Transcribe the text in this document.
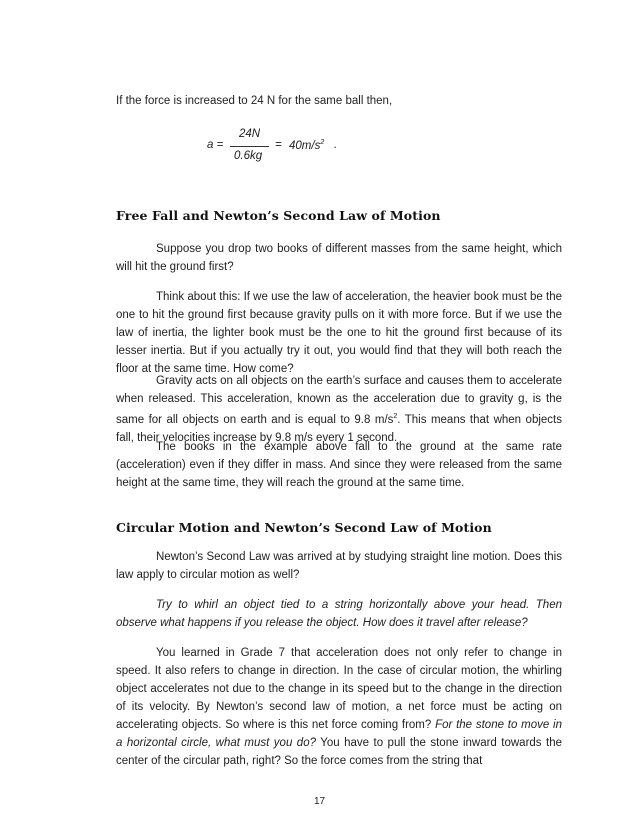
If the force is increased to 24 N for the same ball then,

a =
24N
0.6kg
= $40m/s^2$ .
Free Fall and Newton’s Second Law of Motion

Suppose you drop two books of different masses from the same height, which will hit the ground first?

Think about this: If we use the law of acceleration, the heavier book must be the one to hit the ground first because gravity pulls on it with more force. But if we use the law of inertia, the lighter book must be the one to hit the ground first because of its lesser inertia. But if you actually try it out, you would find that they will both reach the floor at the same time. How come?

Gravity acts on all objects on the earth’s surface and causes them to accelerate when released. This acceleration, known as the acceleration due to gravity g, is the same for all objects on earth and is equal to 9.8 $m/s^2$. This means that when objects fall, their velocities increase by 9.8 m/s every 1 second.

The books in the example above fall to the ground at the same rate (acceleration) even if they differ in mass. And since they were released from the same height at the same time, they will reach the ground at the same time.

Circular Motion and Newton’s Second Law of Motion

Newton’s Second Law was arrived at by studying straight line motion. Does this law apply to circular motion as well?

Try to whirl an object tied to a string horizontally above your head. Then observe what happens if you release the object. How does it travel after release?

You learned in Grade 7 that acceleration does not only refer to change in speed. It also refers to change in direction. In the case of circular motion, the whirling object accelerates not due to the change in its speed but to the change in the direction of its velocity. By Newton’s second law of motion, a net force must be acting on accelerating objects. So where is this net force coming from? For the stone to move in a horizontal circle, what must you do? You have to pull the stone inward towards the center of the circular path, right? So the force comes from the string that

17
